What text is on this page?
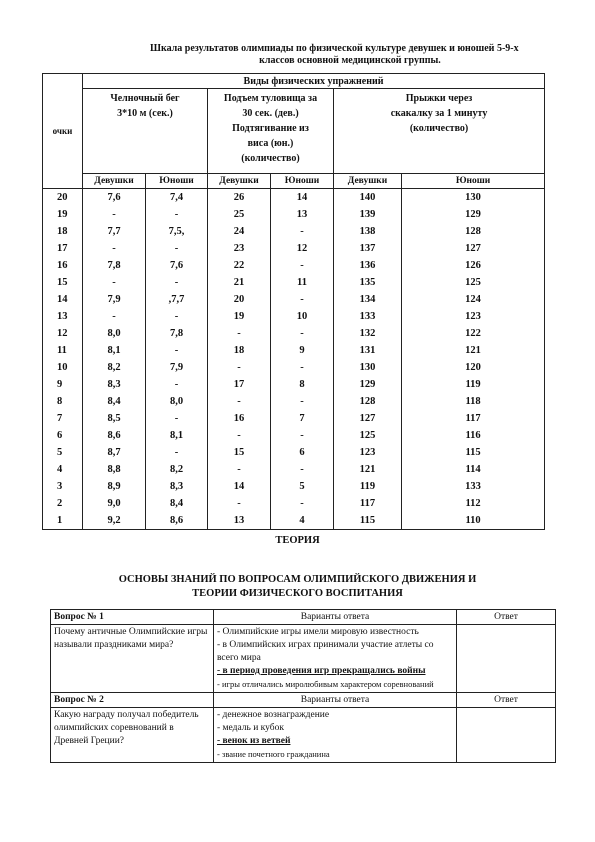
Шкала результатов олимпиады по физической культуре девушек и юношей 5-9-х
классов основной медицинской группы.
очки	Виды физических упражнений					

	Челночный бег
3*10 м (сек.)		Подъем туловища за
30 сек. (дев.)
Подтягивание из
виса (юн.)
(количество)		Прыжки через
скакалку за 1 минуту
(количество)	

	Девушки	Юноши	Девушки	Юноши	Девушки	Юноши
20	7,6	7,4	26	14	140	130
19	-	-	25	13	139	129
18	7,7	7,5,	24	-	138	128
17	-	-	23	12	137	127
16	7,8	7,6	22	-	136	126
15	-	-	21	11	135	125
14	7,9	,7,7	20	-	134	124
13	-	-	19	10	133	123
12	8,0	7,8	-	-	132	122
11	8,1	-	18	9	131	121
10	8,2	7,9	-	-	130	120
9	8,3	-	17	8	129	119
8	8,4	8,0	-	-	128	118
7	8,5	-	16	7	127	117
6	8,6	8,1	-	-	125	116
5	8,7	-	15	6	123	115
4	8,8	8,2	-	-	121	114
3	8,9	8,3	14	5	119	133
2	9,0	8,4	-	-	117	112
1	9,2	8,6	13	4	115	110
ТЕОРИЯ
ОСНОВЫ ЗНАНИЙ ПО ВОПРОСАМ ОЛИМПИЙСКОГО ДВИЖЕНИЯ И
ТЕОРИИ ФИЗИЧЕСКОГО ВОСПИТАНИЯ
Вопрос № 1	Варианты ответа	Ответ
Почему античные Олимпийские игры называли праздниками мира?	- Олимпийские игры имели мировую известность
- в Олимпийских играх принимали участие атлеты со всего мира
- в период проведения игр прекращались войны
- игры отличались миролюбивым характером соревнований	

Вопрос № 2	Варианты ответа	Ответ
Какую награду получал победитель олимпийских соревнований в Древней Греции?	- денежное вознаграждение
- медаль и кубок
- венок из ветвей
- звание почетного гражданина	
